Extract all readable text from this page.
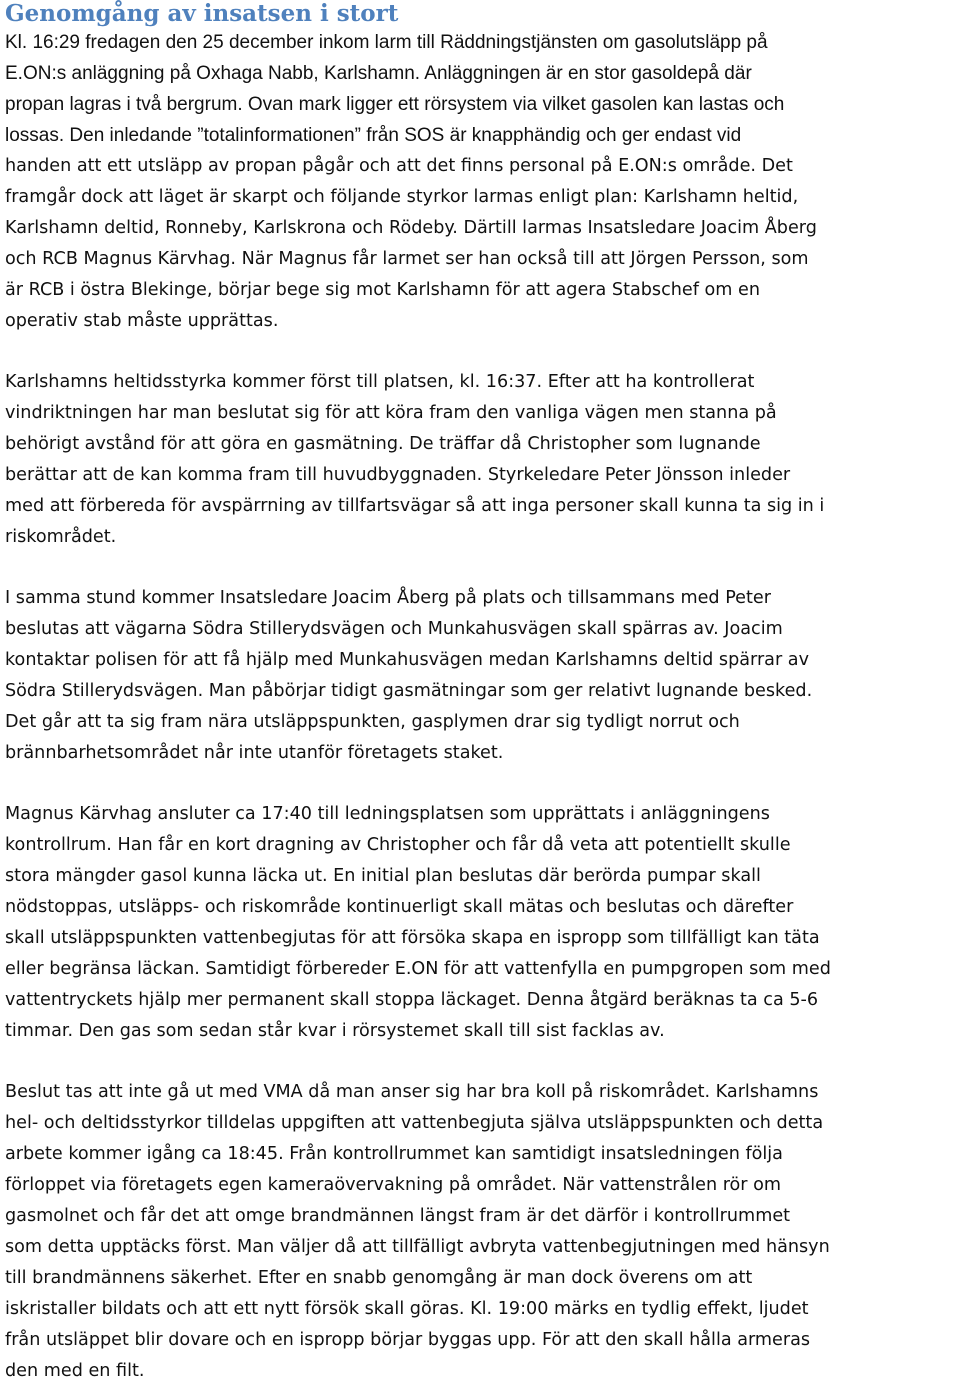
Genomgång av insatsen i stort
Kl. 16:29 fredagen den 25 december inkom larm till Räddningstjänsten om gasolutsläpp på
E.ON:s anläggning på Oxhaga Nabb, Karlshamn. Anläggningen är en stor gasoldepå där
propan lagras i två bergrum. Ovan mark ligger ett rörsystem via vilket gasolen kan lastas och
lossas. Den inledande ”totalinformationen” från SOS är knapphändig och ger endast vid
handen att ett utsläpp av propan pågår och att det finns personal på E.ON:s område. Det
framgår dock att läget är skarpt och följande styrkor larmas enligt plan: Karlshamn heltid,
Karlshamn deltid, Ronneby, Karlskrona och Rödeby. Därtill larmas Insatsledare Joacim Åberg
och RCB Magnus Kärvhag. När Magnus får larmet ser han också till att Jörgen Persson, som
är RCB i östra Blekinge, börjar bege sig mot Karlshamn för att agera Stabschef om en
operativ stab måste upprättas.
Karlshamns heltidsstyrka kommer först till platsen, kl. 16:37. Efter att ha kontrollerat
vindriktningen har man beslutat sig för att köra fram den vanliga vägen men stanna på
behörigt avstånd för att göra en gasmätning. De träffar då Christopher som lugnande
berättar att de kan komma fram till huvudbyggnaden. Styrkeledare Peter Jönsson inleder
med att förbereda för avspärrning av tillfartsvägar så att inga personer skall kunna ta sig in i
riskområdet.
I samma stund kommer Insatsledare Joacim Åberg på plats och tillsammans med Peter
beslutas att vägarna Södra Stillerydsvägen och Munkahusvägen skall spärras av. Joacim
kontaktar polisen för att få hjälp med Munkahusvägen medan Karlshamns deltid spärrar av
Södra Stillerydsvägen. Man påbörjar tidigt gasmätningar som ger relativt lugnande besked.
Det går att ta sig fram nära utsläppspunkten, gasplymen drar sig tydligt norrut och
brännbarhetsområdet når inte utanför företagets staket.
Magnus Kärvhag ansluter ca 17:40 till ledningsplatsen som upprättats i anläggningens
kontrollrum. Han får en kort dragning av Christopher och får då veta att potentiellt skulle
stora mängder gasol kunna läcka ut. En initial plan beslutas där berörda pumpar skall
nödstoppas, utsläpps- och riskområde kontinuerligt skall mätas och beslutas och därefter
skall utsläppspunkten vattenbegjutas för att försöka skapa en ispropp som tillfälligt kan täta
eller begränsa läckan. Samtidigt förbereder E.ON för att vattenfylla en pumpgropen som med
vattentryckets hjälp mer permanent skall stoppa läckaget. Denna åtgärd beräknas ta ca 5-6
timmar. Den gas som sedan står kvar i rörsystemet skall till sist facklas av.
Beslut tas att inte gå ut med VMA då man anser sig har bra koll på riskområdet. Karlshamns
hel- och deltidsstyrkor tilldelas uppgiften att vattenbegjuta själva utsläppspunkten och detta
arbete kommer igång ca 18:45. Från kontrollrummet kan samtidigt insatsledningen följa
förloppet via företagets egen kameraövervakning på området. När vattenstrålen rör om
gasmolnet och får det att omge brandmännen längst fram är det därför i kontrollrummet
som detta upptäcks först. Man väljer då att tillfälligt avbryta vattenbegjutningen med hänsyn
till brandmännens säkerhet. Efter en snabb genomgång är man dock överens om att
iskristaller bildats och att ett nytt försök skall göras. Kl. 19:00 märks en tydlig effekt, ljudet
från utsläppet blir dovare och en ispropp börjar byggas upp. För att den skall hålla armeras
den med en filt.
